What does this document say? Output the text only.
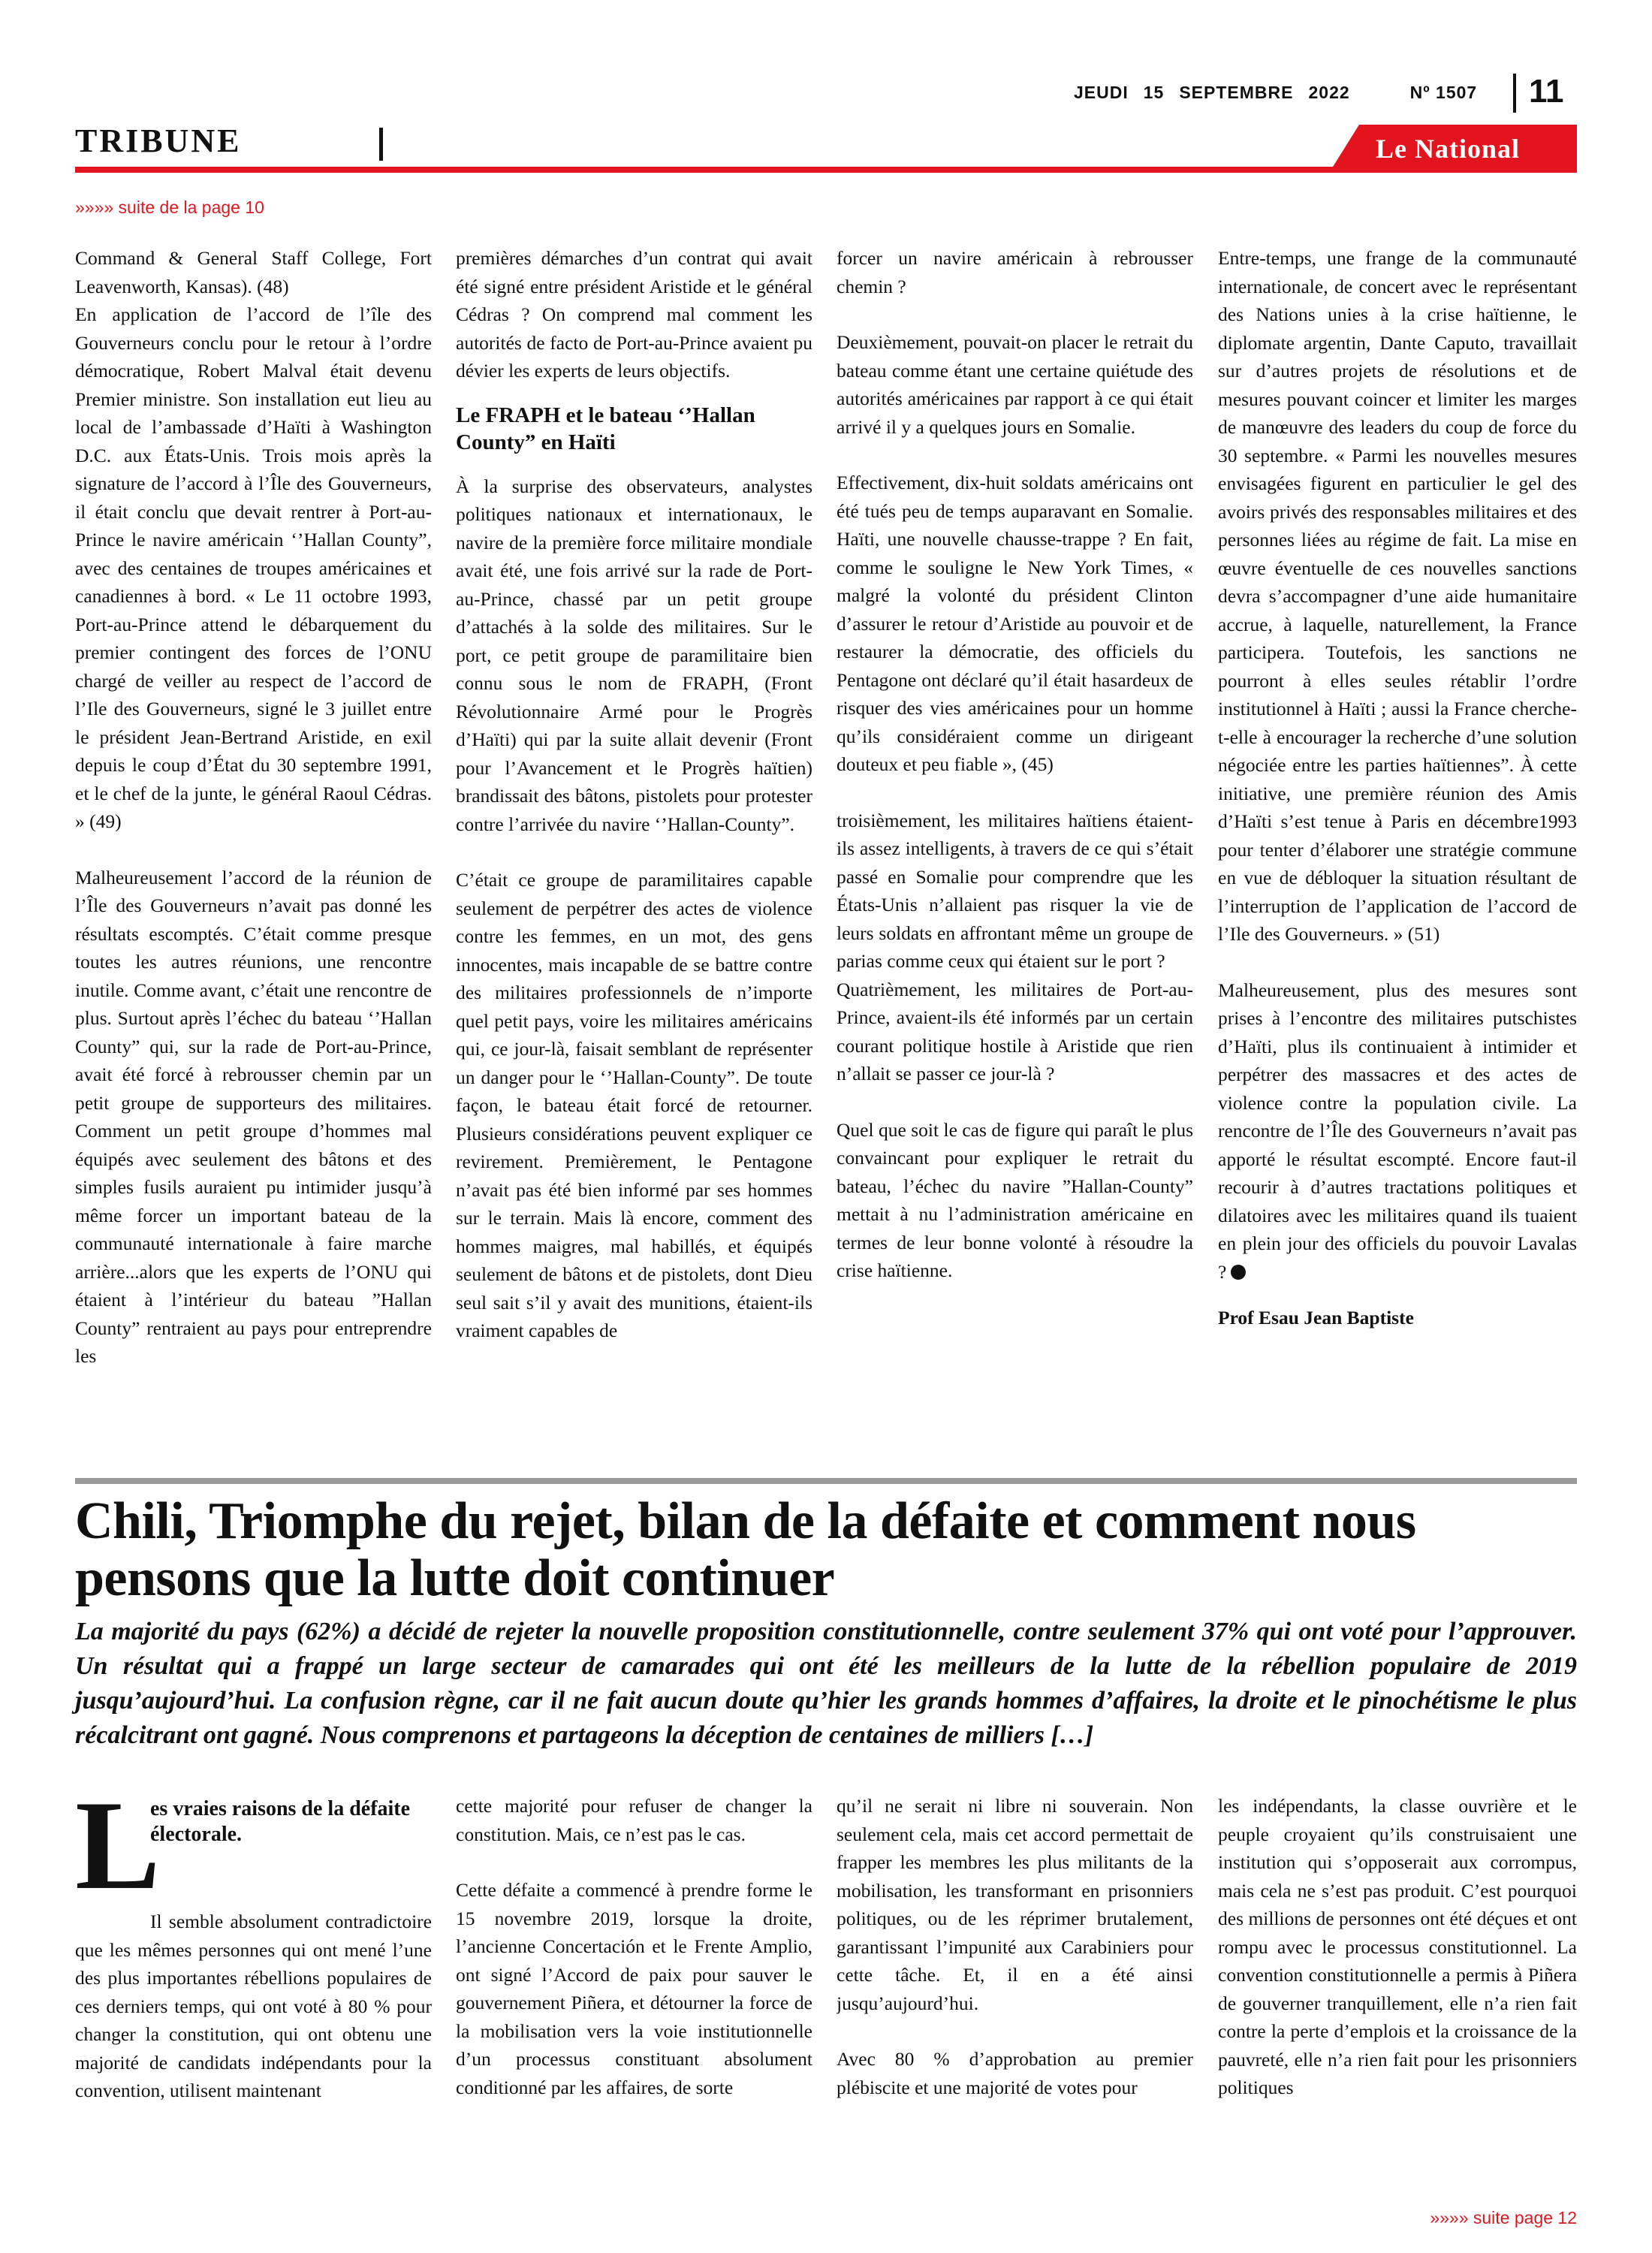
JEUDI 15 SEPTEMBRE 2022	Nº 1507 11
TRIBUNE	Le National
»»»» suite de la page 10

Command & General Staff College, Fort Leavenworth, Kansas). (48)

En application de l’accord de l’île des Gouverneurs conclu pour le retour à l’ordre démocratique, Robert Malval était devenu Premier ministre. Son installation eut lieu au local de l’ambassade d’Haïti à Washington D.C. aux États-Unis. Trois mois après la signature de l’accord à l’Île des Gouverneurs, il était conclu que devait rentrer à Port-au-Prince le navire américain ‘’Hallan County”, avec des centaines de troupes américaines et canadiennes à bord. « Le 11 octobre 1993, Port-au-Prince attend le débarquement du premier contingent des forces de l’ONU chargé de veiller au respect de l’accord de l’Ile des Gouverneurs, signé le 3 juillet entre le président Jean-Bertrand Aristide, en exil depuis le coup d’État du 30 septembre 1991, et le chef de la junte, le général Raoul Cédras. » (49)

Malheureusement l’accord de la réunion de l’Île des Gouverneurs n’avait pas donné les résultats escomptés. C’était comme presque toutes les autres réunions, une rencontre inutile. Comme avant, c’était une rencontre de plus. Surtout après l’échec du bateau ‘’Hallan County” qui, sur la rade de Port-au-Prince, avait été forcé à rebrousser chemin par un petit groupe de supporteurs des militaires. Comment un petit groupe d’hommes mal équipés avec seulement des bâtons et des simples fusils auraient pu intimider jusqu’à même forcer un important bateau de la communauté internationale à faire marche arrière...alors que les experts de l’ONU qui étaient à l’intérieur du bateau ”Hallan County” rentraient au pays pour entreprendre les

premières démarches d’un contrat qui avait été signé entre président Aristide et le général Cédras ? On comprend mal comment les autorités de facto de Port-au-Prince avaient pu dévier les experts de leurs objectifs.

Le FRAPH et le bateau ‘’Hallan County” en Haïti

À la surprise des observateurs, analystes politiques nationaux et internationaux, le navire de la première force militaire mondiale avait été, une fois arrivé sur la rade de Port-au-Prince, chassé par un petit groupe d’attachés à la solde des militaires. Sur le port, ce petit groupe de paramilitaire bien connu sous le nom de FRAPH, (Front Révolutionnaire Armé pour le Progrès d’Haïti) qui par la suite allait devenir (Front pour l’Avancement et le Progrès haïtien) brandissait des bâtons, pistolets pour protester contre l’arrivée du navire ‘’Hallan-County”.

C’était ce groupe de paramilitaires capable seulement de perpétrer des actes de violence contre les femmes, en un mot, des gens innocentes, mais incapable de se battre contre des militaires professionnels de n’importe quel petit pays, voire les militaires américains qui, ce jour-là, faisait semblant de représenter un danger pour le ‘’Hallan-County”. De toute façon, le bateau était forcé de retourner. Plusieurs considérations peuvent expliquer ce revirement. Premièrement, le Pentagone n’avait pas été bien informé par ses hommes sur le terrain. Mais là encore, comment des hommes maigres, mal habillés, et équipés seulement de bâtons et de pistolets, dont Dieu seul sait s’il y avait des munitions, étaient-ils vraiment capables de

forcer un navire américain à rebrousser chemin ?

Deuxièmement, pouvait-on placer le retrait du bateau comme étant une certaine quiétude des autorités américaines par rapport à ce qui était arrivé il y a quelques jours en Somalie.

Effectivement, dix-huit soldats américains ont été tués peu de temps auparavant en Somalie. Haïti, une nouvelle chausse-trappe ? En fait, comme le souligne le New York Times, « malgré la volonté du président Clinton d’assurer le retour d’Aristide au pouvoir et de restaurer la démocratie, des officiels du Pentagone ont déclaré qu’il était hasardeux de risquer des vies américaines pour un homme qu’ils considéraient comme un dirigeant douteux et peu fiable », (45)

troisièmement, les militaires haïtiens étaient-ils assez intelligents, à travers de ce qui s’était passé en Somalie pour comprendre que les États-Unis n’allaient pas risquer la vie de leurs soldats en affrontant même un groupe de parias comme ceux qui étaient sur le port ?

Quatrièmement, les militaires de Port-au-Prince, avaient-ils été informés par un certain courant politique hostile à Aristide que rien n’allait se passer ce jour-là ?

Quel que soit le cas de figure qui paraît le plus convaincant pour expliquer le retrait du bateau, l’échec du navire ”Hallan-County” mettait à nu l’administration américaine en termes de leur bonne volonté à résoudre la crise haïtienne.

Entre-temps, une frange de la communauté internationale, de concert avec le représentant des Nations unies à la crise haïtienne, le diplomate argentin, Dante Caputo, travaillait sur d’autres projets de résolutions et de mesures pouvant coincer et limiter les marges de manœuvre des leaders du coup de force du 30 septembre. « Parmi les nouvelles mesures envisagées figurent en particulier le gel des avoirs privés des responsables militaires et des personnes liées au régime de fait. La mise en œuvre éventuelle de ces nouvelles sanctions devra s’accompagner d’une aide humanitaire accrue, à laquelle, naturellement, la France participera. Toutefois, les sanctions ne pourront à elles seules rétablir l’ordre institutionnel à Haïti ; aussi la France cherche-t-elle à encourager la recherche d’une solution négociée entre les parties haïtiennes”. À cette initiative, une première réunion des Amis d’Haïti s’est tenue à Paris en décembre1993 pour tenter d’élaborer une stratégie commune en vue de débloquer la situation résultant de l’interruption de l’application de l’accord de l’Ile des Gouverneurs. » (51)

Malheureusement, plus des mesures sont prises à l’encontre des militaires putschistes d’Haïti, plus ils continuaient à intimider et perpétrer des massacres et des actes de violence contre la population civile. La rencontre de l’Île des Gouverneurs n’avait pas apporté le résultat escompté. Encore faut-il recourir à d’autres tractations politiques et dilatoires avec les militaires quand ils tuaient en plein jour des officiels du pouvoir Lavalas ?

Prof Esau Jean Baptiste
Chili, Triomphe du rejet, bilan de la défaite et comment nous pensons que la lutte doit continuer
La majorité du pays (62%) a décidé de rejeter la nouvelle proposition constitutionnelle, contre seulement 37% qui ont voté pour l’approuver. Un résultat qui a frappé un large secteur de camarades qui ont été les meilleurs de la lutte de la rébellion populaire de 2019 jusqu’aujourd’hui. La confusion règne, car il ne fait aucun doute qu’hier les grands hommes d’affaires, la droite et le pinochétisme le plus récalcitrant ont gagné. Nous comprenons et partageons la déception de centaines de milliers […]
L
es vraies raisons de la défaite électorale.

Il semble absolument contradictoire que les mêmes personnes qui ont mené l’une des plus importantes rébellions populaires de ces derniers temps, qui ont voté à 80 % pour changer la constitution, qui ont obtenu une majorité de candidats indépendants pour la convention, utilisent maintenant

cette majorité pour refuser de changer la constitution. Mais, ce n’est pas le cas.

Cette défaite a commencé à prendre forme le 15 novembre 2019, lorsque la droite, l’ancienne Concertación et le Frente Amplio, ont signé l’Accord de paix pour sauver le gouvernement Piñera, et détourner la force de la mobilisation vers la voie institutionnelle d’un processus constituant absolument conditionné par les affaires, de sorte

qu’il ne serait ni libre ni souverain. Non seulement cela, mais cet accord permettait de frapper les membres les plus militants de la mobilisation, les transformant en prisonniers politiques, ou de les réprimer brutalement, garantissant l’impunité aux Carabiniers pour cette tâche. Et, il en a été ainsi jusqu’aujourd’hui.

Avec 80 % d’approbation au premier plébiscite et une majorité de votes pour

les indépendants, la classe ouvrière et le peuple croyaient qu’ils construisaient une institution qui s’opposerait aux corrompus, mais cela ne s’est pas produit. C’est pourquoi des millions de personnes ont été déçues et ont rompu avec le processus constitutionnel. La convention constitutionnelle a permis à Piñera de gouverner tranquillement, elle n’a rien fait contre la perte d’emplois et la croissance de la pauvreté, elle n’a rien fait pour les prisonniers politiques

»»»» suite page 12
